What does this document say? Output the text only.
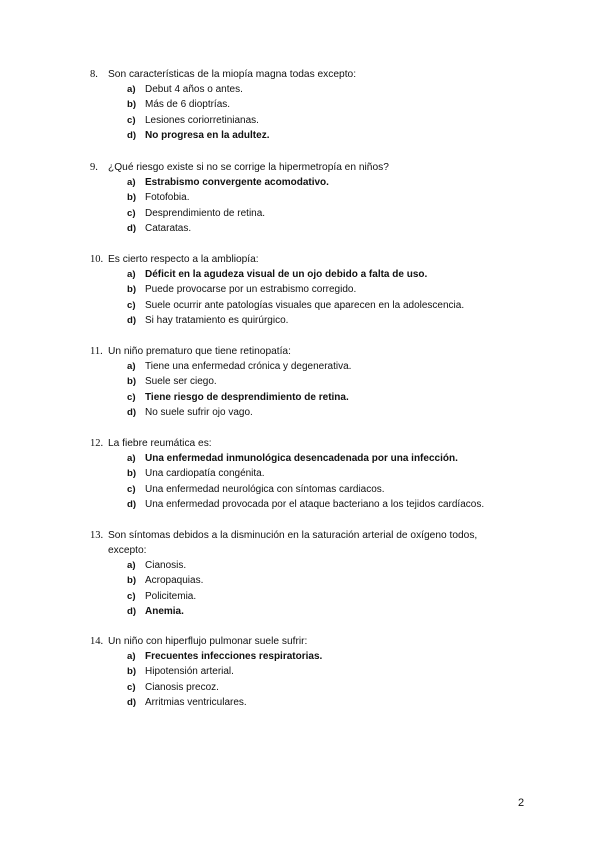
8. Son características de la miopía magna todas excepto:
a) Debut 4 años o antes.
b) Más de 6 dioptrías.
c) Lesiones coriorretinianas.
d) No progresa en la adultez.
9. ¿Qué riesgo existe si no se corrige la hipermetropía en niños?
a) Estrabismo convergente acomodativo.
b) Fotofobia.
c) Desprendimiento de retina.
d) Cataratas.
10. Es cierto respecto a la ambliopía:
a) Déficit en la agudeza visual de un ojo debido a falta de uso.
b) Puede provocarse por un estrabismo corregido.
c) Suele ocurrir ante patologías visuales que aparecen en la adolescencia.
d) Si hay tratamiento es quirúrgico.
11. Un niño prematuro que tiene retinopatía:
a) Tiene una enfermedad crónica y degenerativa.
b) Suele ser ciego.
c) Tiene riesgo de desprendimiento de retina.
d) No suele sufrir ojo vago.
12. La fiebre reumática es:
a) Una enfermedad inmunológica desencadenada por una infección.
b) Una cardiopatía congénita.
c) Una enfermedad neurológica con síntomas cardiacos.
d) Una enfermedad provocada por el ataque bacteriano a los tejidos cardíacos.
13. Son síntomas debidos a la disminución en la saturación arterial de oxígeno todos, excepto:
a) Cianosis.
b) Acropaquias.
c) Policitemia.
d) Anemia.
14. Un niño con hiperflujo pulmonar suele sufrir:
a) Frecuentes infecciones respiratorias.
b) Hipotensión arterial.
c) Cianosis precoz.
d) Arritmias ventriculares.
2
